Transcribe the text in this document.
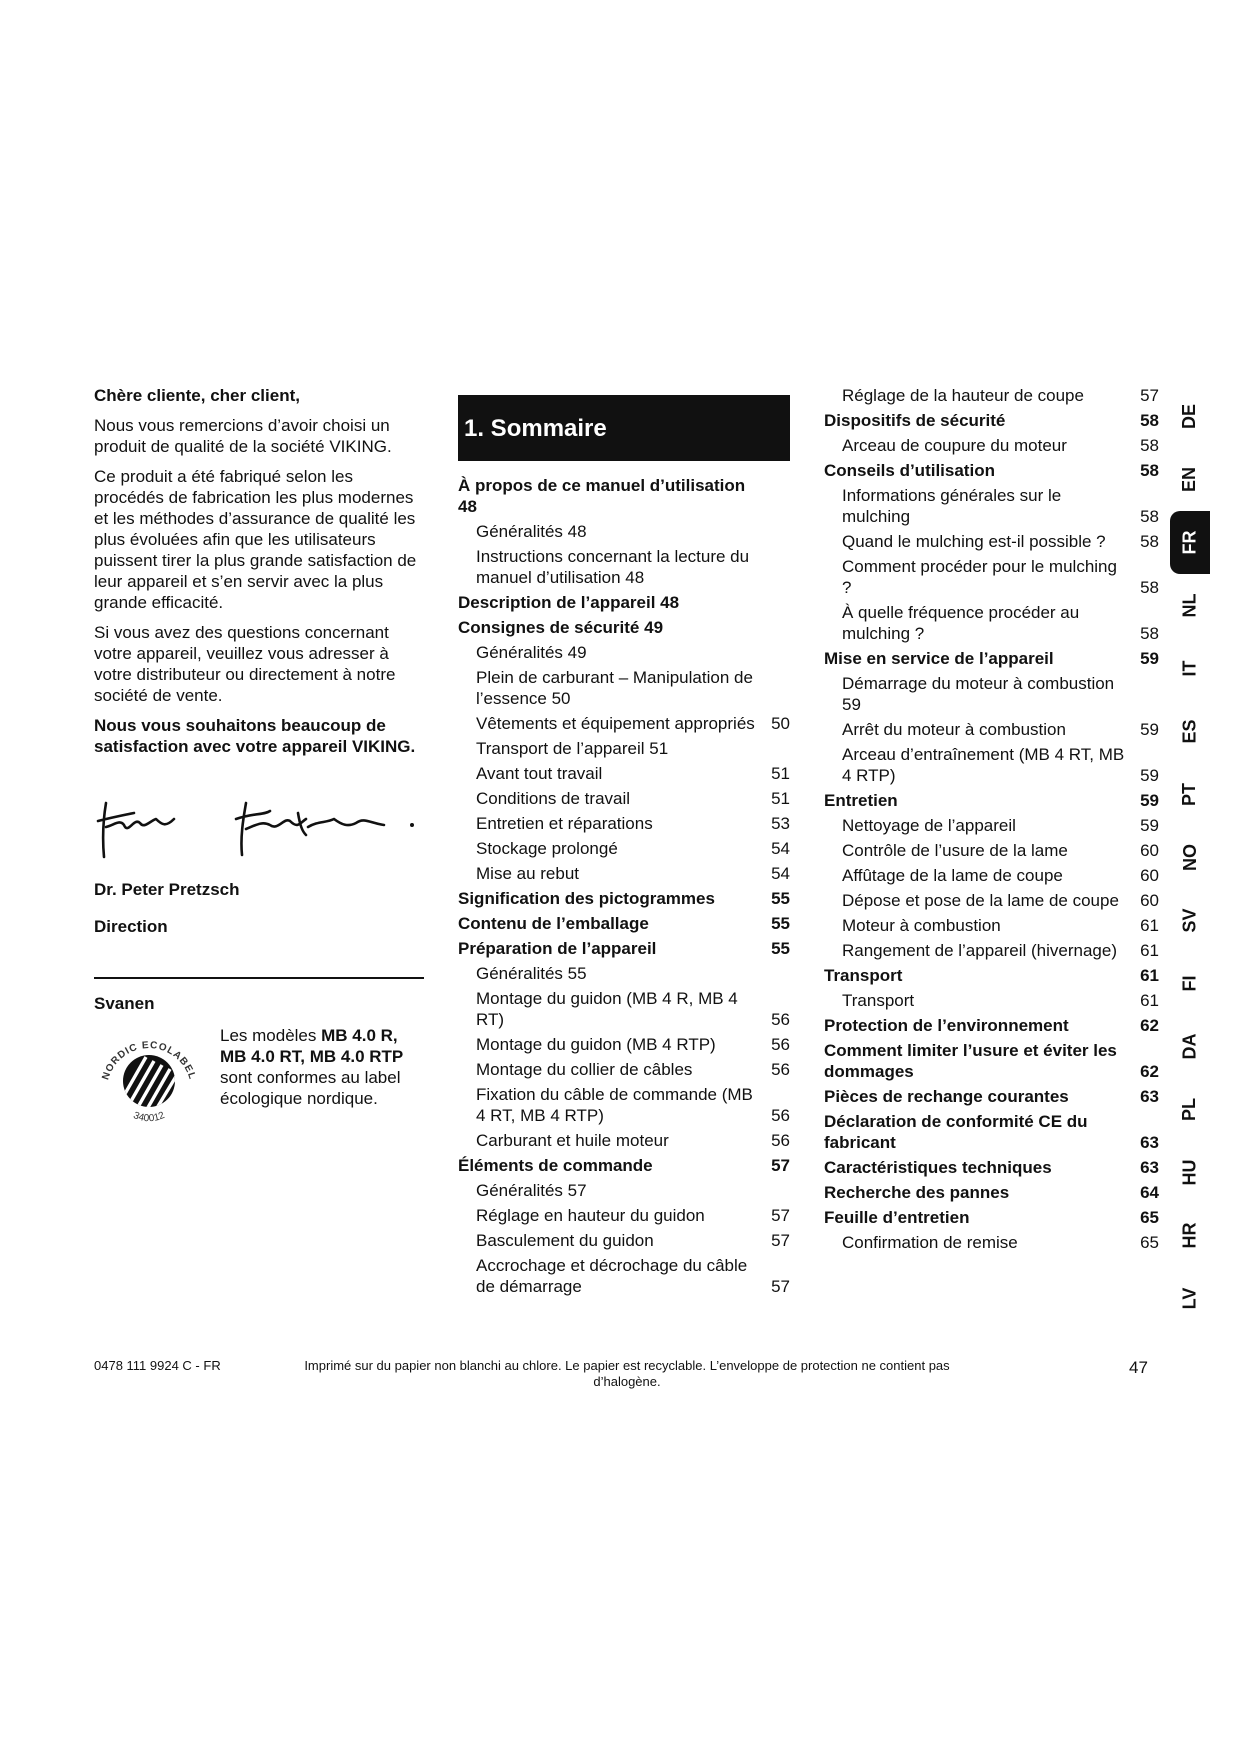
Chère cliente, cher client,

Nous vous remercions d’avoir choisi un produit de qualité de la société VIKING.

Ce produit a été fabriqué selon les procédés de fabrication les plus modernes et les méthodes d’assurance de qualité les plus évoluées afin que les utilisateurs puissent tirer la plus grande satisfaction de leur appareil et s’en servir avec la plus grande efficacité.

Si vous avez des questions concernant votre appareil, veuillez vous adresser à votre distributeur ou directement à notre société de vente.

Nous vous souhaitons beaucoup de satisfaction avec votre appareil VIKING.

Dr. Peter Pretzsch

Direction

Svanen

NORDIC ECOLABEL
340012
Les modèles MB 4.0 R, MB 4.0 RT, MB 4.0 RTP sont conformes au label écologique nordique.
1. Sommaire
À propos de ce manuel d’utilisation 48
Généralités 48
Instructions concernant la lecture du manuel d’utilisation 48
Description de l’appareil 48
Consignes de sécurité 49
Généralités 49
Plein de carburant – Manipulation de l’essence 50
Vêtements et équipement appropriés 50
Transport de l’appareil 51
Avant tout travail	51
Conditions de travail	51
Entretien et réparations	53
Stockage prolongé	54
Mise au rebut	54
Signification des pictogrammes	55
Contenu de l’emballage	55
Préparation de l’appareil	55
Généralités 55
Montage du guidon (MB 4 R, MB 4 RT)	56
Montage du guidon (MB 4 RTP)	56
Montage du collier de câbles	56
Fixation du câble de commande (MB 4 RT, MB 4 RTP)	56
Carburant et huile moteur	56
Éléments de commande	57
Généralités 57
Réglage en hauteur du guidon	57
Basculement du guidon	57
Accrochage et décrochage du câble de démarrage	57
Réglage de la hauteur de coupe	57
Dispositifs de sécurité	58
Arceau de coupure du moteur	58
Conseils d’utilisation	58
Informations générales sur le mulching	58
Quand le mulching est-il possible ?	58
Comment procéder pour le mulching ?	58
À quelle fréquence procéder au mulching ?	58
Mise en service de l’appareil	59
Démarrage du moteur à combustion 59
Arrêt du moteur à combustion	59
Arceau d’entraînement (MB 4 RT, MB 4 RTP)	59
Entretien	59
Nettoyage de l’appareil	59
Contrôle de l’usure de la lame	60
Affûtage de la lame de coupe	60
Dépose et pose de la lame de coupe	60
Moteur à combustion	61
Rangement de l’appareil (hivernage)	61
Transport	61
Transport	61
Protection de l’environnement	62
Comment limiter l’usure et éviter les dommages	62
Pièces de rechange courantes	63
Déclaration de conformité CE du fabricant	63
Caractéristiques techniques	63
Recherche des pannes	64
Feuille d’entretien	65
Confirmation de remise	65
DE
EN
FR
NL
IT
ES
PT
NO
SV
FI
DA
PL
HU
HR
LV
0478 111 9924 C - FR	Imprimé sur du papier non blanchi au chlore. Le papier est recyclable. L’enveloppe de protection ne contient pas d’halogène.
47
